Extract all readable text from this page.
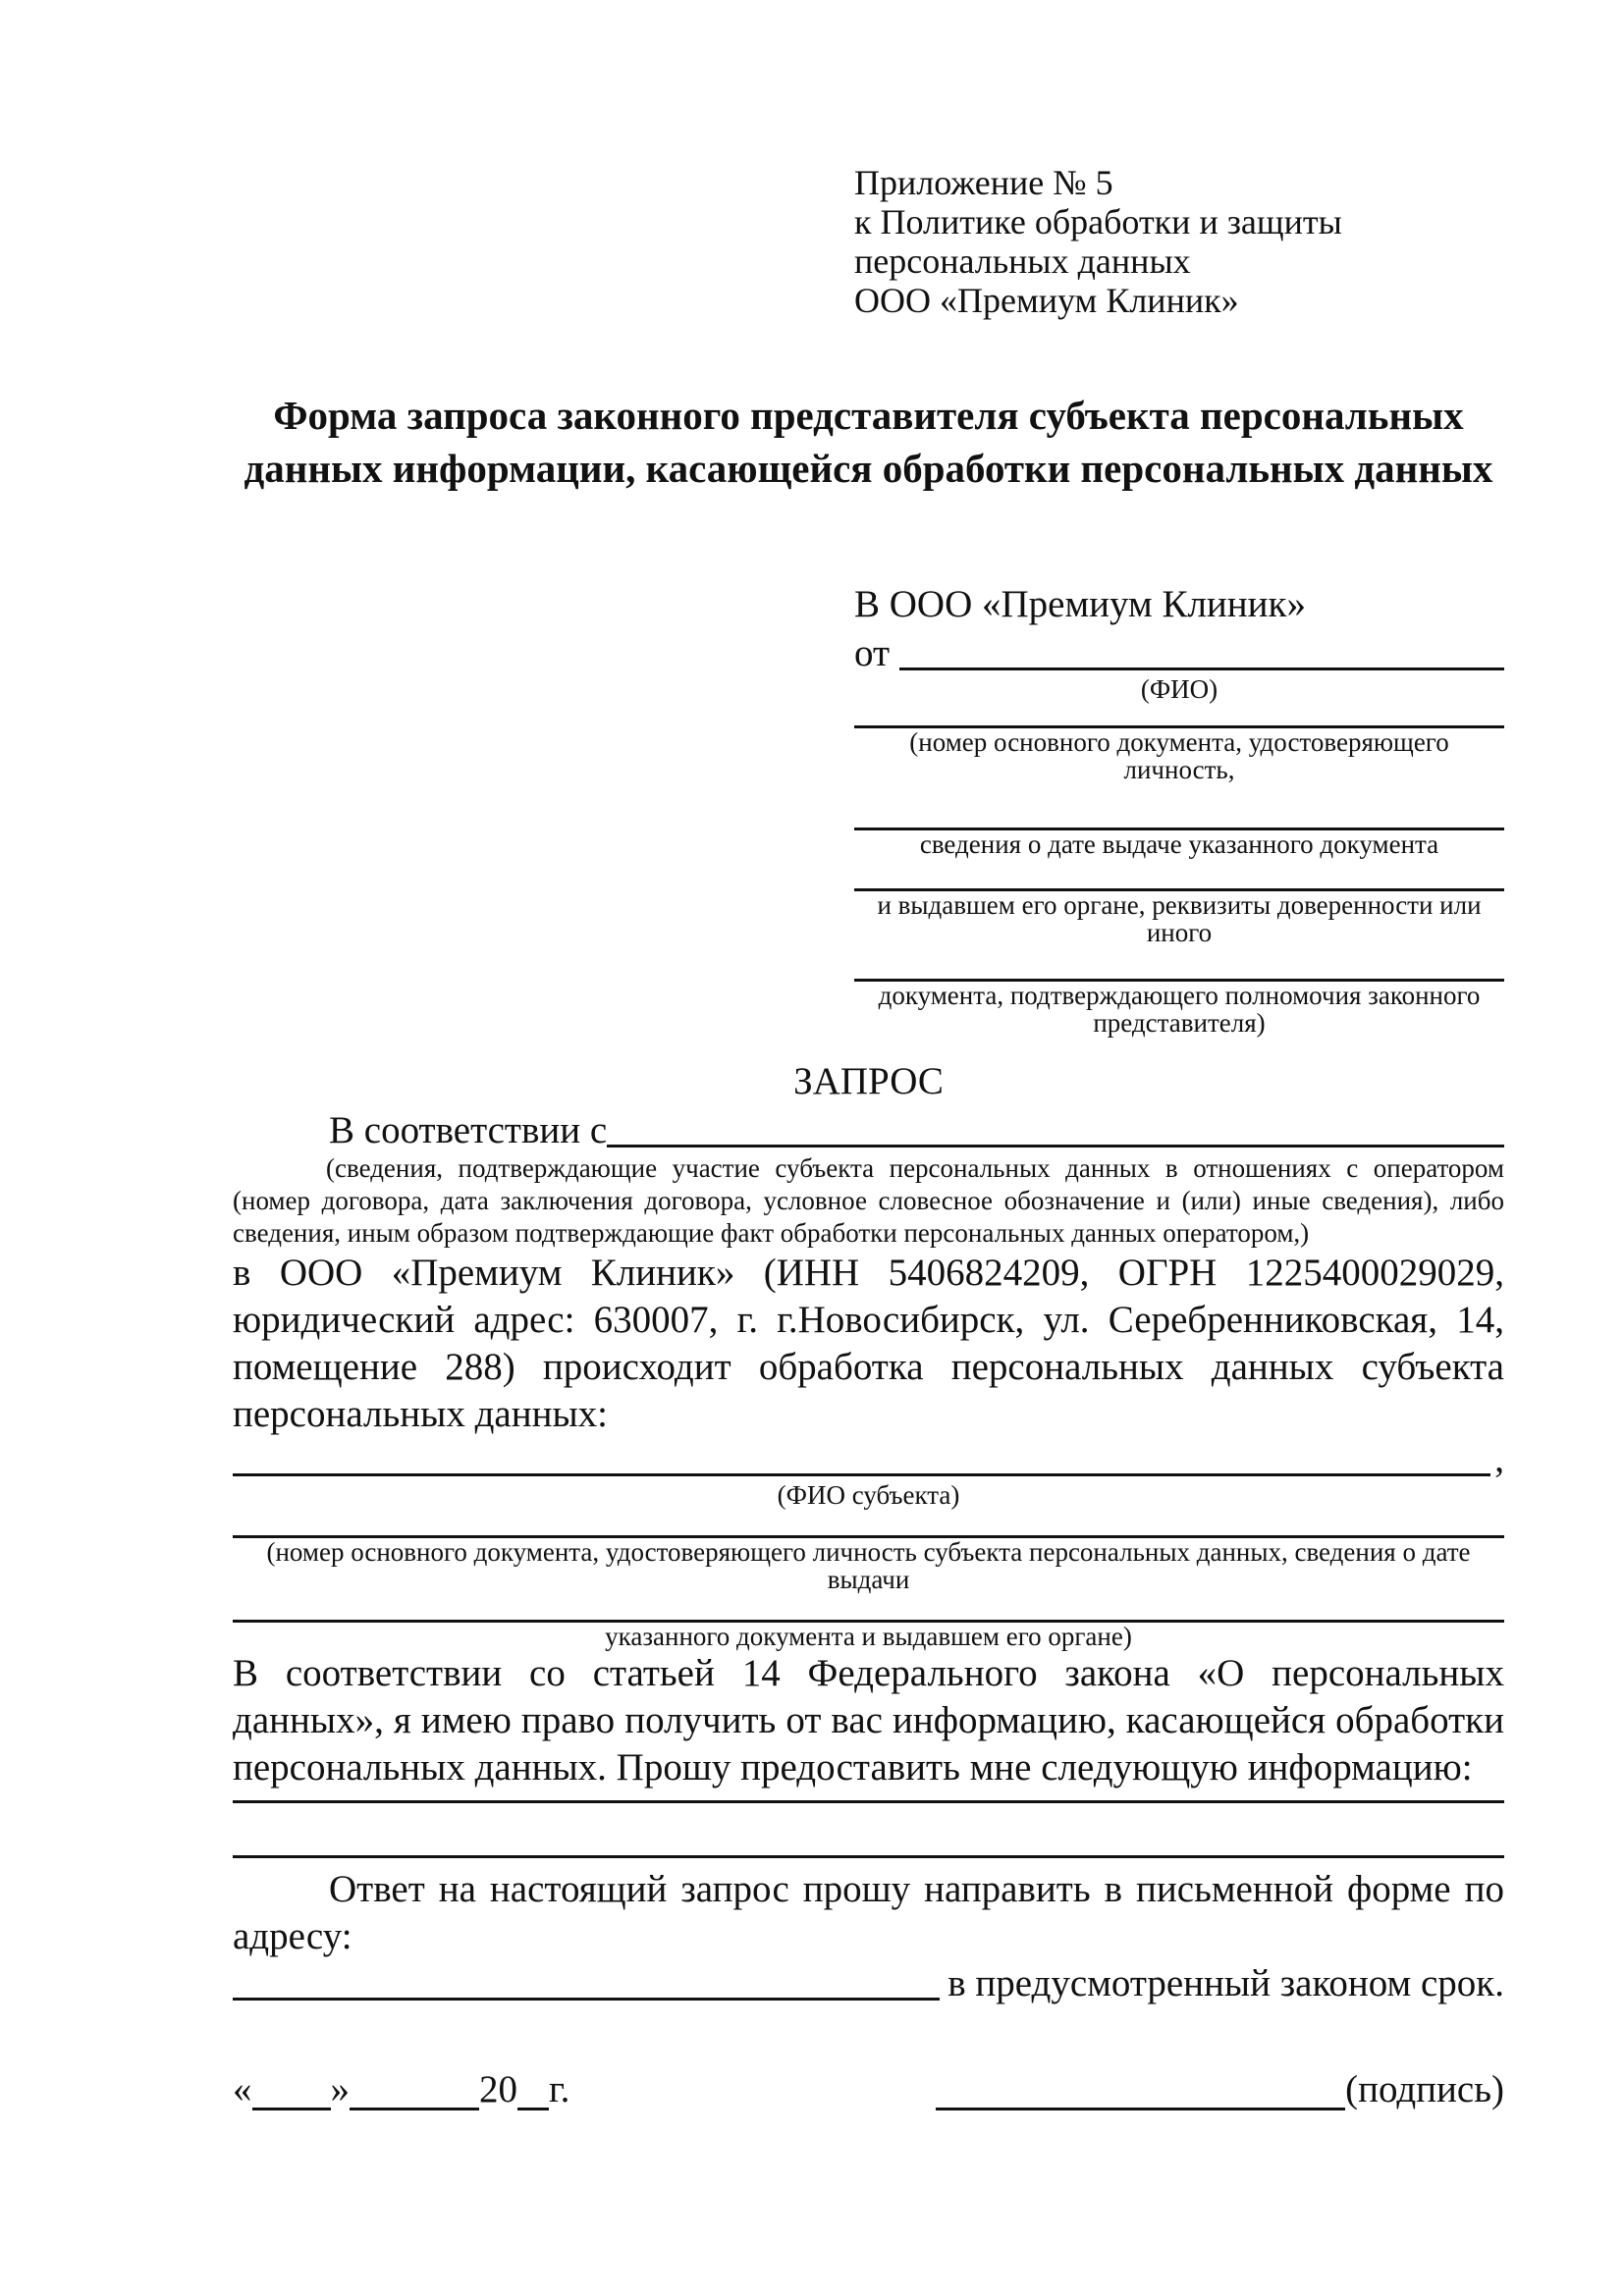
Приложение № 5
к Политике обработки и защиты
персональных данных
ООО «Премиум Клиник»
Форма запроса законного представителя субъекта персональных данных информации, касающейся обработки персональных данных
В ООО «Премиум Клиник»
от
(ФИО)
(номер основного документа, удостоверяющего личность,
сведения о дате выдаче указанного документа
и выдавшем его органе, реквизиты доверенности или иного
документа, подтверждающего полномочия законного представителя)
ЗАПРОС
В соответствии с
(сведения, подтверждающие участие субъекта персональных данных в отношениях с оператором (номер договора, дата заключения договора, условное словесное обозначение и (или) иные сведения), либо сведения, иным образом подтверждающие факт обработки персональных данных оператором,)
в ООО «Премиум Клиник» (ИНН 5406824209, ОГРН 1225400029029, юридический адрес: 630007, г. г.Новосибирск, ул. Серебренниковская, 14, помещение 288) происходит обработка персональных данных субъекта персональных данных:
,
(ФИО субъекта)
(номер основного документа, удостоверяющего личность субъекта персональных данных, сведения о дате выдачи
указанного документа и выдавшем его органе)
В соответствии со статьей 14 Федерального закона «О персональных данных», я имею право получить от вас информацию, касающейся обработки персональных данных. Прошу предоставить мне следующую информацию:
Ответ на настоящий запрос прошу направить в письменной форме по адресу:
в предусмотренный законом срок.
« »	20 г.	(подпись)
